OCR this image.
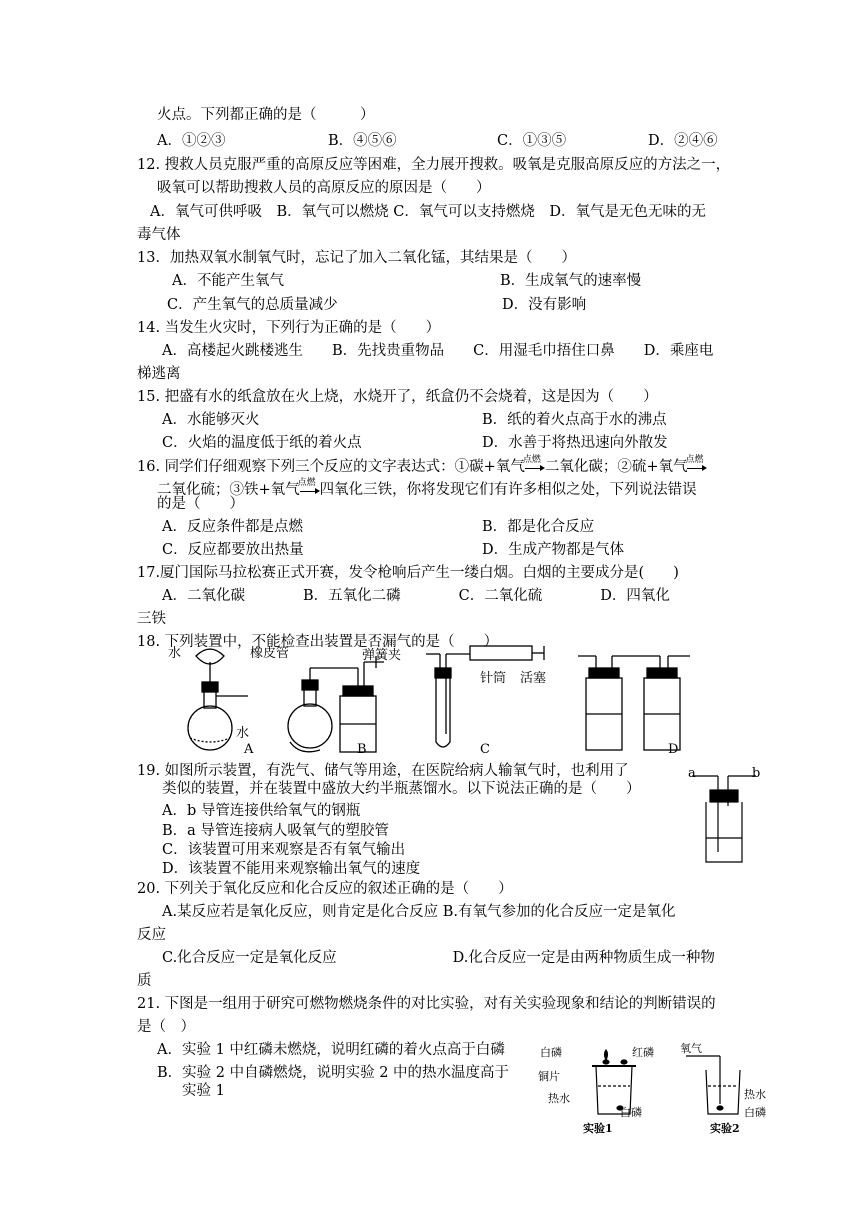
火点。下列都正确的是（　　　）
A．①②③	B．④⑤⑥	C．①③⑤	D．②④⑥
12. 搜救人员克服严重的高原反应等困难，全力展开搜救。吸氧是克服高原反应的方法之一，
吸氧可以帮助搜救人员的高原反应的原因是（　　）
A．氧气可供呼吸　B．氧气可以燃烧 C．氧气可以支持燃烧　D．氧气是无色无味的无
毒气体
13．加热双氧水制氧气时，忘记了加入二氧化锰，其结果是（　　）
A．不能产生氧气	B．生成氧气的速率慢
C．产生氧气的总质量减少	D．没有影响
14. 当发生火灾时，下列行为正确的是（　　）
A．高楼起火跳楼逃生　　B．先找贵重物品　　C．用湿毛巾捂住口鼻　　D．乘座电
梯逃离
15. 把盛有水的纸盒放在火上烧，水烧开了，纸盒仍不会烧着，这是因为（　　）
A．水能够灭火	B．纸的着火点高于水的沸点
C．火焰的温度低于纸的着火点	D．水善于将热迅速向外散发
16. 同学们仔细观察下列三个反应的文字表达式：①碳+氧气
点燃 二氧化碳；②硫+氧气
点燃
二氧化硫；③铁+氧气
点燃 四氧化三铁，你将发现它们有许多相似之处，下列说法错误
的是（　　）
A．反应条件都是点燃	B．都是化合反应
C．反应都要放出热量	D．生成产物都是气体
17.厦门国际马拉松赛正式开赛，发令枪响后产生一缕白烟。白烟的主要成分是(　　)
A．二氧化碳　　　　B．五氧化二磷　　　　C．二氧化硫　　　　D．四氧化
三铁
18. 下列装置中，不能检查出装置是否漏气的是（　　）
水	橡皮管	弹簧夹
针筒 活塞
水
A	B	C	D
19. 如图所示装置，有洗气、储气等用途，在医院给病人输氧气时，也利用了
类似的装置，并在装置中盛放大约半瓶蒸馏水。以下说法正确的是（　　）
A．b 导管连接供给氧气的钢瓶
B．a 导管连接病人吸氧气的塑胶管
C．该装置可用来观察是否有氧气输出
D．该装置不能用来观察输出氧气的速度
a	b
20. 下列关于氧化反应和化合反应的叙述正确的是（　　）
A.某反应若是氧化反应，则肯定是化合反应 B.有氧气参加的化合反应一定是氧化
反应
C.化合反应一定是氧化反应　　　　　　　　D.化合反应一定是由两种物质生成一种物
质
21. 下图是一组用于研究可燃物燃烧条件的对比实验，对有关实验现象和结论的判断错误的
是（　）
A．实验 1 中红磷未燃烧，说明红磷的着火点高于白磷
B．实验 2 中自磷燃烧，说明实验 2 中的热水温度高于
实验 1
白磷	红磷
铜片
热水
白磷
实验1
氧气
热水
白磷
实验2
